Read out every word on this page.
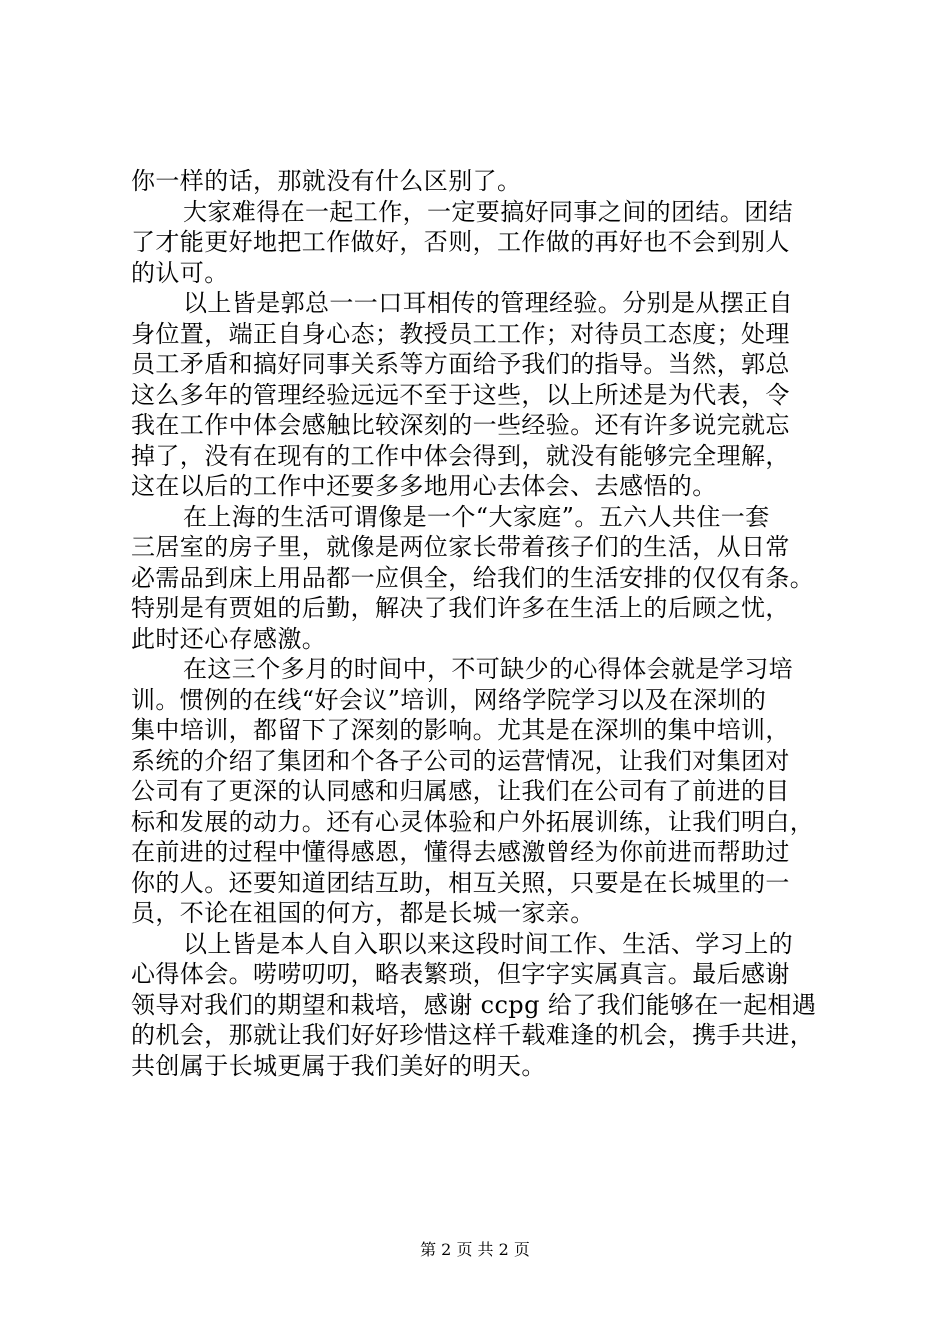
你一样的话，那就没有什么区别了。
大家难得在一起工作，一定要搞好同事之间的团结。团结
了才能更好地把工作做好，否则，工作做的再好也不会到别人
的认可。
以上皆是郭总一一口耳相传的管理经验。分别是从摆正自
身位置，端正自身心态；教授员工工作；对待员工态度；处理
员工矛盾和搞好同事关系等方面给予我们的指导。当然，郭总
这么多年的管理经验远远不至于这些，以上所述是为代表，令
我在工作中体会感触比较深刻的一些经验。还有许多说完就忘
掉了，没有在现有的工作中体会得到，就没有能够完全理解，
这在以后的工作中还要多多地用心去体会、去感悟的。
在上海的生活可谓像是一个“大家庭”。五六人共住一套
三居室的房子里，就像是两位家长带着孩子们的生活，从日常
必需品到床上用品都一应俱全，给我们的生活安排的仅仅有条。
特别是有贾姐的后勤，解决了我们许多在生活上的后顾之忧，
此时还心存感激。
在这三个多月的时间中，不可缺少的心得体会就是学习培
训。惯例的在线“好会议”培训，网络学院学习以及在深圳的
集中培训，都留下了深刻的影响。尤其是在深圳的集中培训，
系统的介绍了集团和个各子公司的运营情况，让我们对集团对
公司有了更深的认同感和归属感，让我们在公司有了前进的目
标和发展的动力。还有心灵体验和户外拓展训练，让我们明白，
在前进的过程中懂得感恩，懂得去感激曾经为你前进而帮助过
你的人。还要知道团结互助，相互关照，只要是在长城里的一
员，不论在祖国的何方，都是长城一家亲。
以上皆是本人自入职以来这段时间工作、生活、学习上的
心得体会。唠唠叨叨，略表繁琐，但字字实属真言。最后感谢
领导对我们的期望和栽培，感谢 ccpg 给了我们能够在一起相遇
的机会，那就让我们好好珍惜这样千载难逢的机会，携手共进，
共创属于长城更属于我们美好的明天。
第 2 页 共 2 页
